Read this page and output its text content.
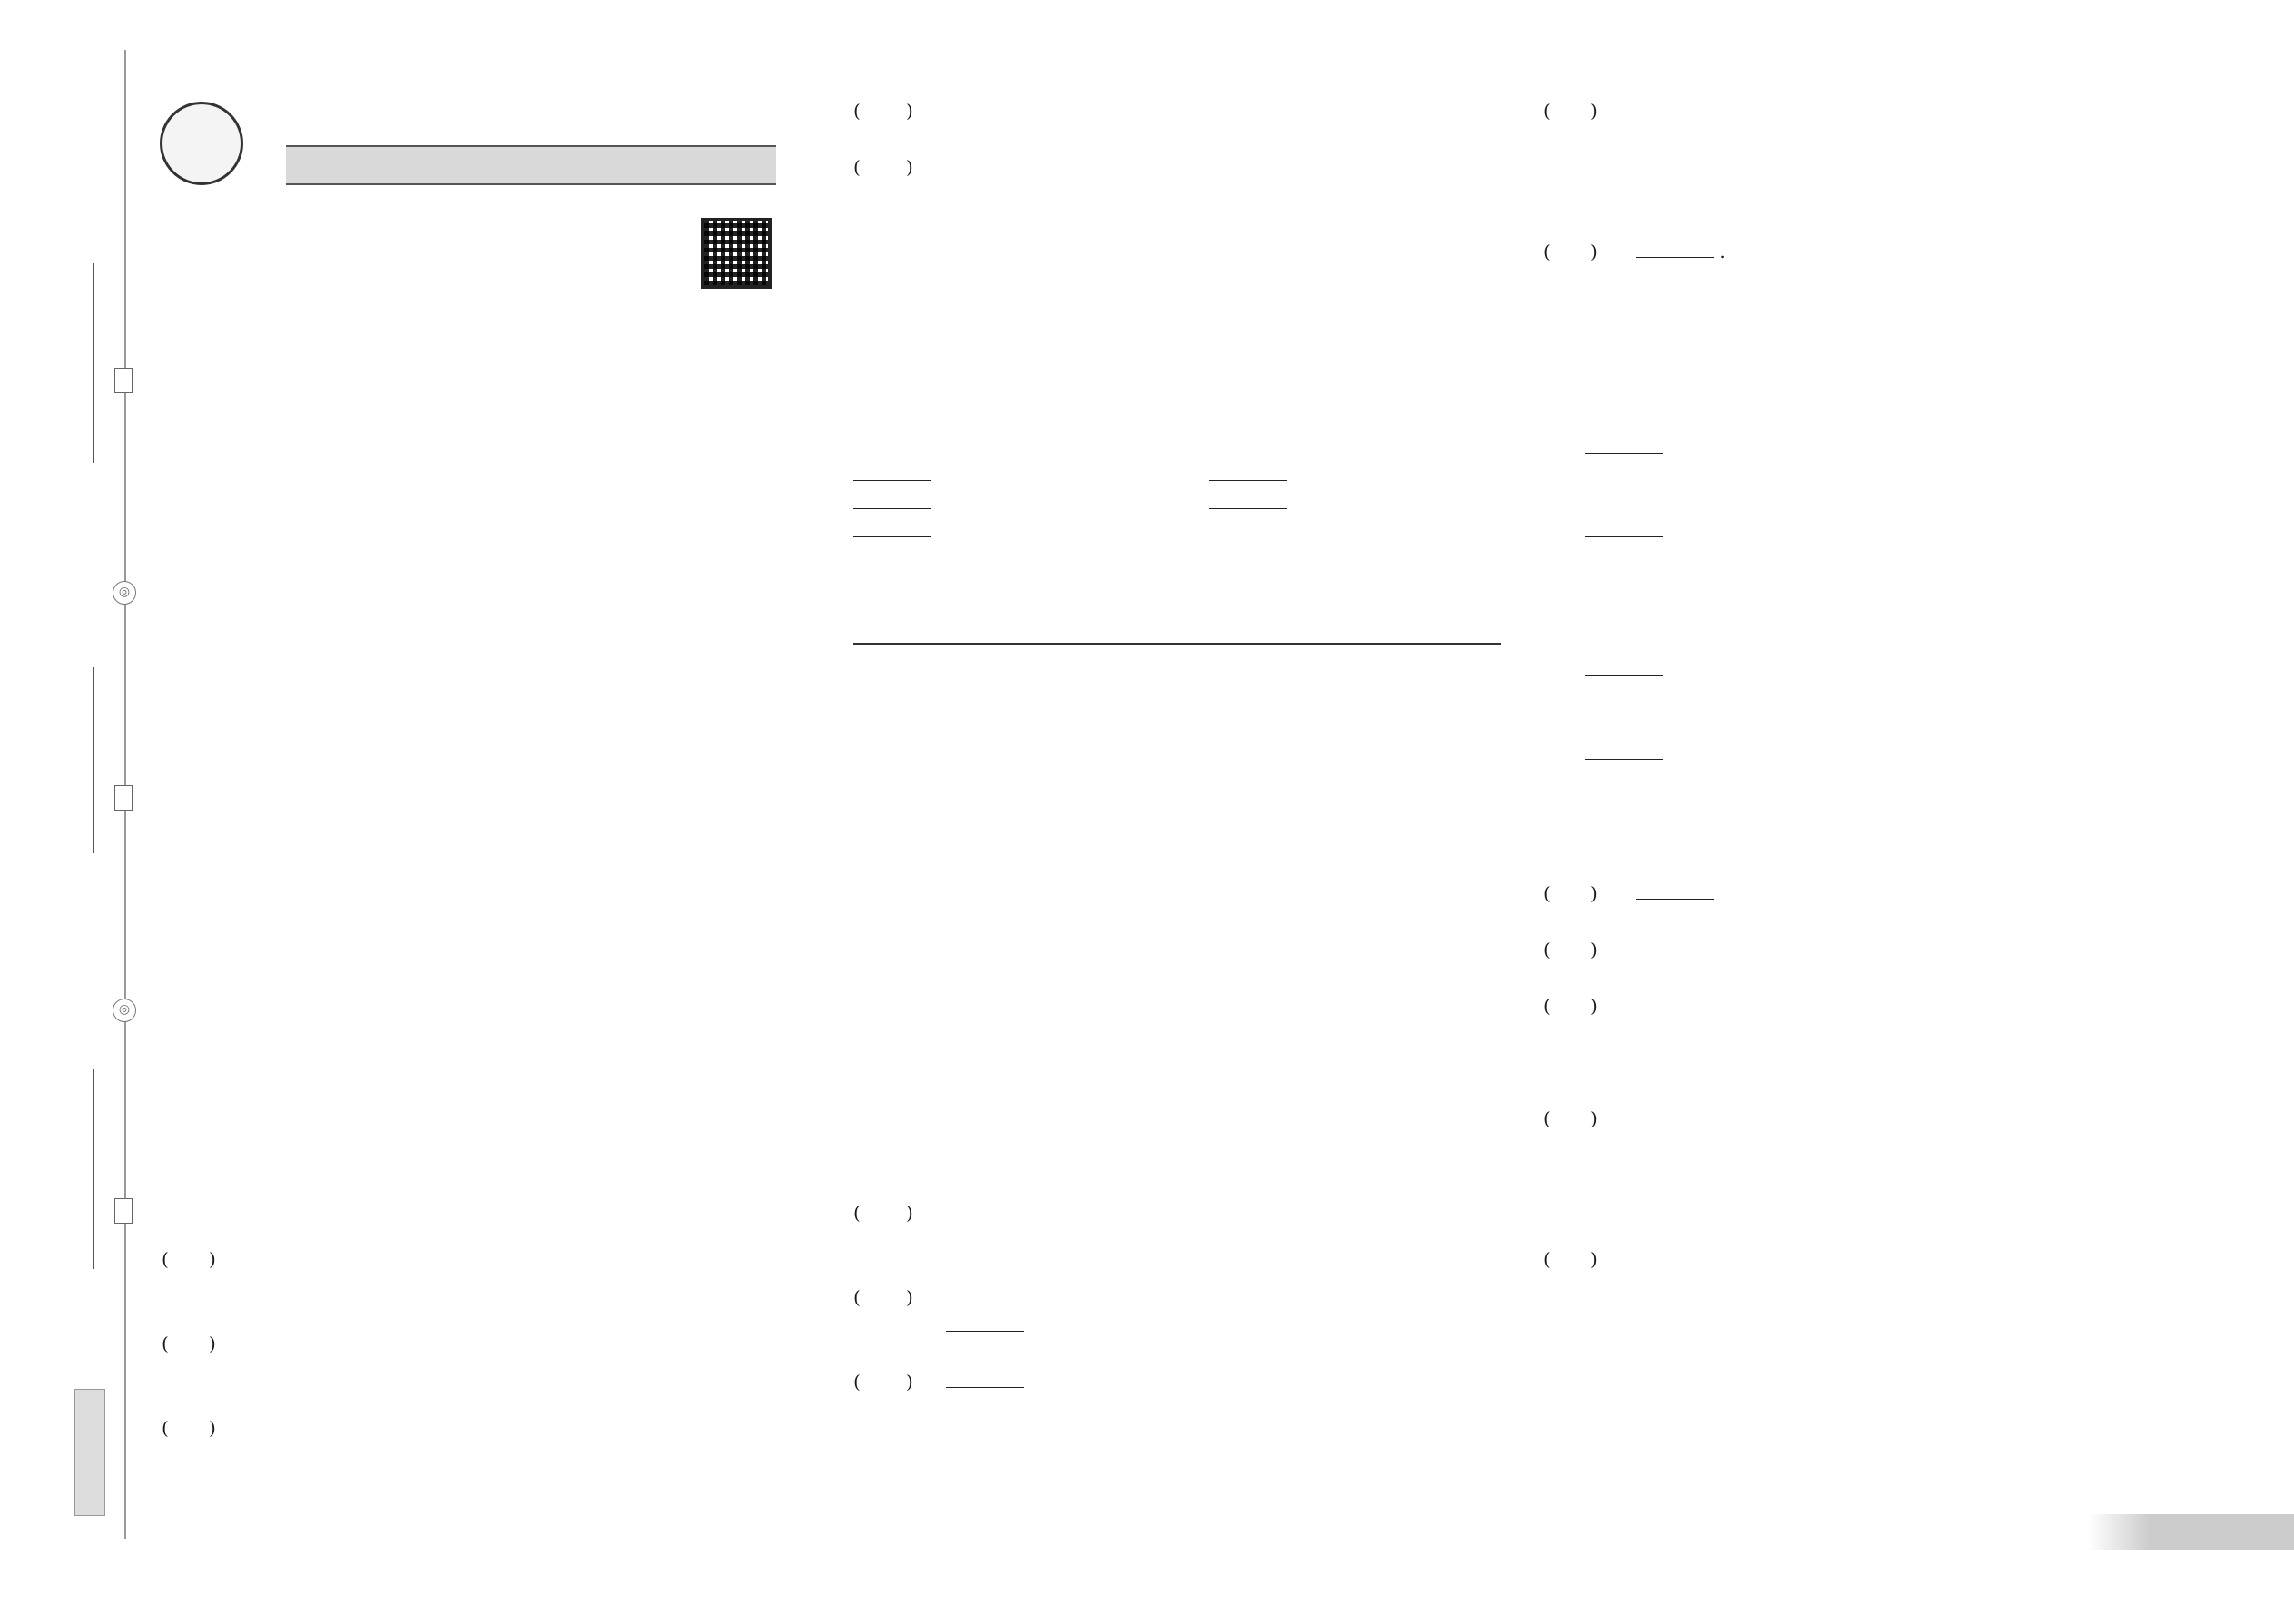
◎
◎
( )
( )
( )
(	)
(	)
(	)
(	)
(	)
( )
( )	.
( )
( )
( )
( )
( )
